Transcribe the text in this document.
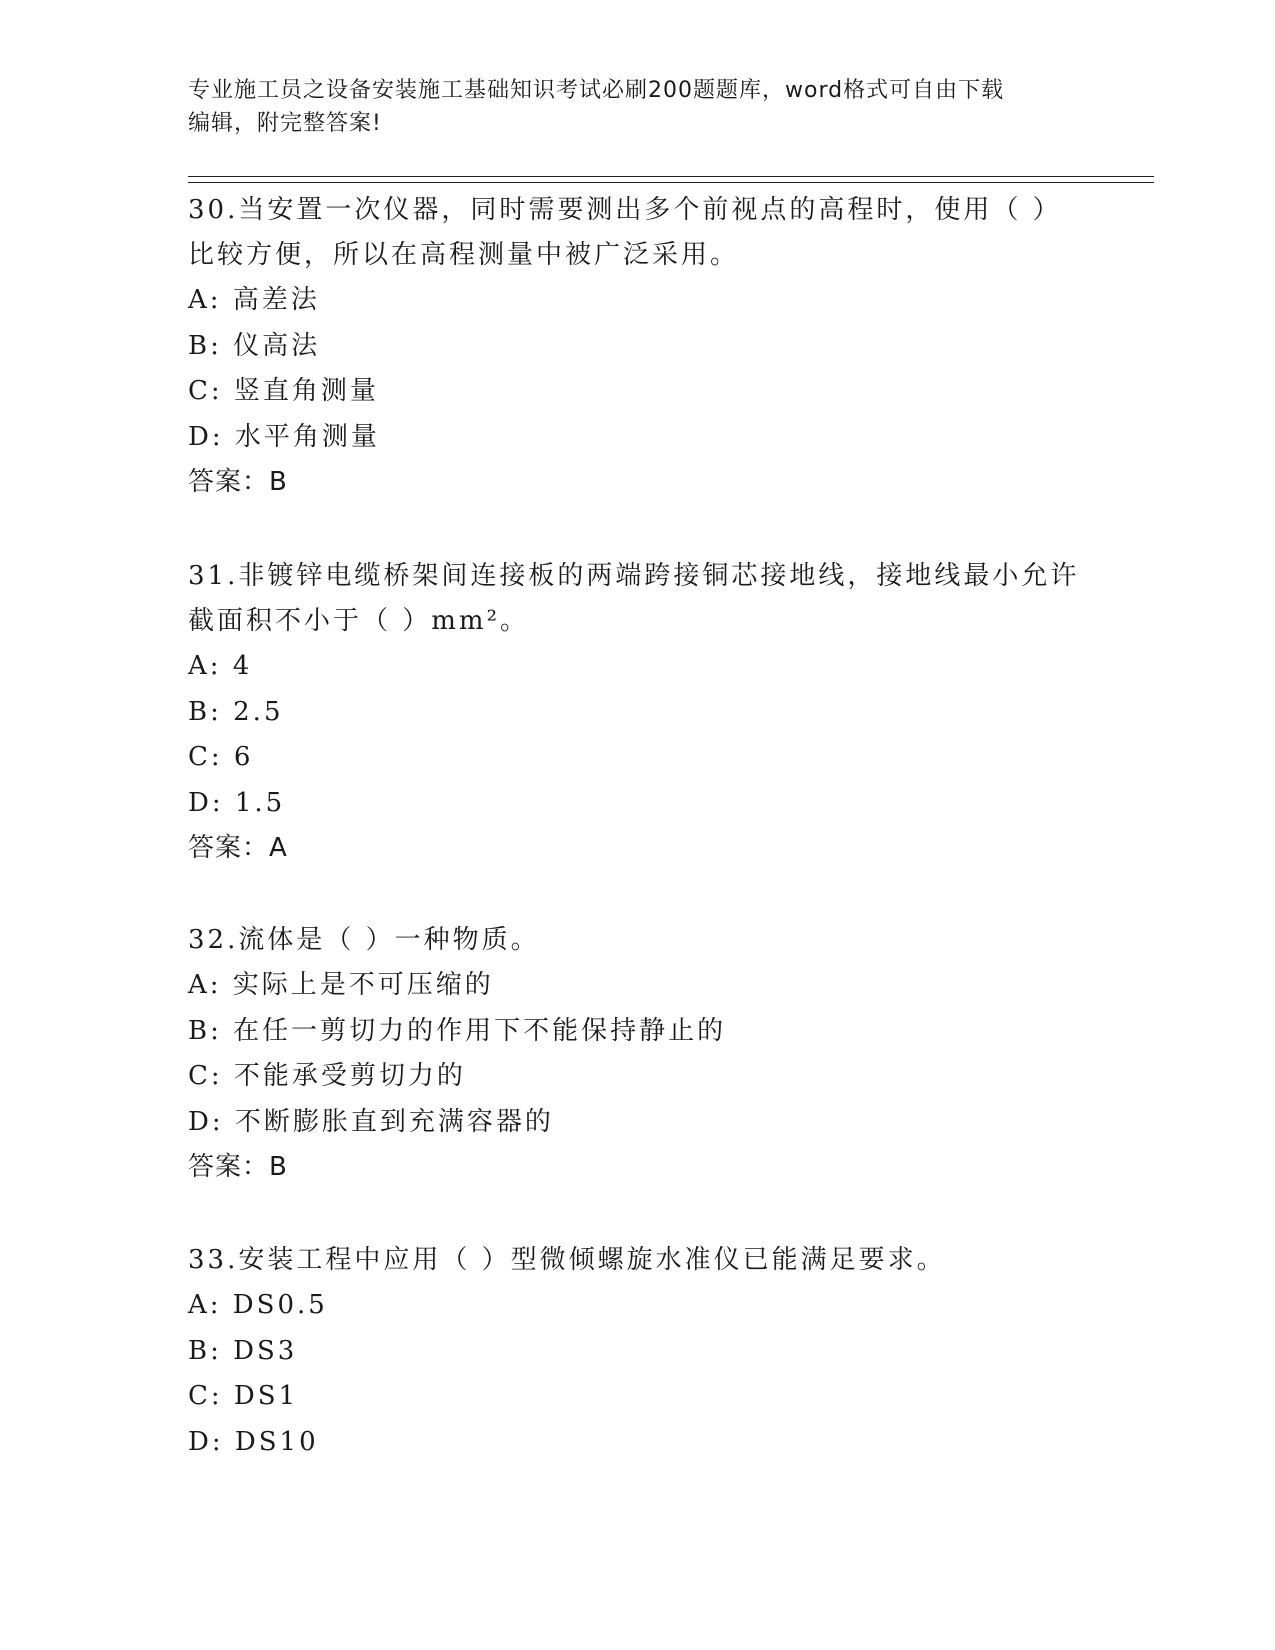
专业施工员之设备安装施工基础知识考试必刷200题题库，word格式可自由下载
编辑，附完整答案!
30.当安置一次仪器，同时需要测出多个前视点的高程时，使用（ ）
比较方便，所以在高程测量中被广泛采用。
A: 高差法
B: 仪高法
C: 竖直角测量
D: 水平角测量
答案：B
31.非镀锌电缆桥架间连接板的两端跨接铜芯接地线，接地线最小允许
截面积不小于（ ）mm²。
A: 4
B: 2.5
C: 6
D: 1.5
答案：A
32.流体是（ ）一种物质。
A: 实际上是不可压缩的
B: 在任一剪切力的作用下不能保持静止的
C: 不能承受剪切力的
D: 不断膨胀直到充满容器的
答案：B
33.安装工程中应用（ ）型微倾螺旋水准仪已能满足要求。
A: DS0.5
B: DS3
C: DS1
D: DS10
